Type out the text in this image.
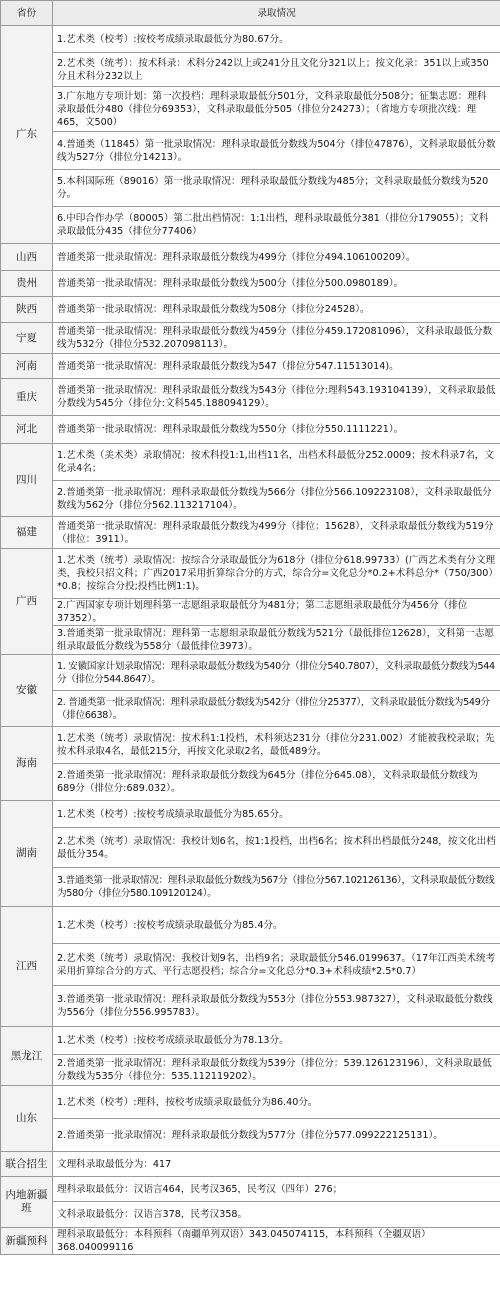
省份	录取情况
广东	1.艺术类（校考）:按校考成绩录取最低分为80.67分。
	2.艺术类（统考）：按术科录：术科分242以上或241分且文化分321以上；按文化录：351以上或350分且术科分232以上
	3.广东地方专项计划：第一次投档：理科录取最低分501分，文科录取最低分508分；征集志愿：理科录取最低分480（排位分69353），文科录取最低分505（排位分24273）；（省地方专项批次线：理465，文500）
	4.普通类（11845）第一批录取情况：理科录取最低分数线为504分（排位47876），文科录取最低分数线为527分（排位分14213）。
	5.本科国际班（89016）第一批录取情况：理科录取最低分数线为485分；文科录取最低分数线为520分。
	6.中印合作办学（80005）第二批出档情况：1:1出档，理科录取最低分381（排位分179055）；文科录取最低分435（排位分77406）
山西	普通类第一批录取情况：理科录取最低分数线为499分（排位分494.106100209）。
贵州	普通类第一批录取情况：理科录取最低分数线为500分（排位分500.0980189）。
陕西	普通类第一批录取情况：理科录取最低分数线为508分（排位分24528）。
宁夏	普通类第一批录取情况：理科录取最低分数线为459分（排位分459.172081096），文科录取最低分数线为532分（排位分532.207098113）。
河南	普通类第一批录取情况：理科录取最低分数线为547（排位分547.11513014)。
重庆	普通类第一批录取情况：理科录取最低分数线为543分（排位分:理科543.193104139），文科录取最低分数线为545分（排位分:文科545.188094129）。
河北	普通类第一批录取情况：理科录取最低分数线为550分（排位分550.1111221）。
四川	1.艺术类（美术类）录取情况：按术科投1:1,出档11名，出档术科最低分252.0009；按术科录7名，文化录4名；
	2.普通类第一批录取情况：理科录取最低分数线为566分（排位分566.109223108），文科录取最低分数线为562分（排位分562.113217104）。
福建	普通类第一批录取情况：理科录取最低分数线为499分（排位：15628），文科录取最低分数线为519分（排位：3911）。
广西	1.艺术类（统考）录取情况：按综合分录取最低分为618分（排位分618.99733）(广西艺术类有分文理类，我校只招文科；广西2017采用折算综合分的方式，综合分=文化总分*0.2+术科总分*（750/300）*0.8；按综合分投;投档比例1:1)。
	2.广西国家专项计划理科第一志愿组录取最低分为481分；第二志愿组录取最低分为456分（排位37352）。
	3.普通类第一批录取情况：理科第一志愿组录取最低分数线为521分（最低排位12628），文科第一志愿组录取最低分数线为558分（最低排位3973）。
安徽	1. 安徽国家计划录取情况：理科录取最低分数线为540分（排位分540.7807），文科录取最低分数线为544分（排位分544.8647）。
	2. 普通类第一批录取情况：理科录取最低分数线为542分（排位分25377），文科录取最低分数线为549分（排位6638）。
海南	1.艺术类（统考）录取情况：按术科1:1投档，术科须达231分（排位分231.002）才能被我校录取；先按术科录取4名，最低215分，再按文化录取2名，最低489分。
	2.普通类第一批录取情况：理科录取最低分数线为645分（排位分645.08），文科录取最低分数线为689分（排位分:689.032）。
湖南	1.艺术类（校考）:按校考成绩录取最低分为85.65分。
	2.艺术类（统考）录取情况：我校计划6名，按1:1投档，出档6名；按术科出档最低分248，按文化出档最低分354。
	3.普通类第一批录取情况：理科录取最低分数线为567分（排位分567.102126136），文科录取最低分数线为580分（排位分580.109120124）。
江西	1.艺术类（校考）:按校考成绩录取最低分为85.4分。
	2.艺术类（统考）录取情况：我校计划9名，出档9名；录取最低分546.0199637。（17年江西美术统考采用折算综合分的方式、平行志愿投档；综合分=文化总分*0.3+术科成绩*2.5*0.7）
	3.普通类第一批录取情况：理科录取最低分数线为553分（排位分553.987327），文科录取最低分数线为556分（排位分556.995783）。
黑龙江	1.艺术类（校考）:按校考成绩录取最低分为78.13分。
	2.普通类第一批录取情况：理科录取最低分数线为539分（排位分：539.126123196），文科录取最低分数线为535分（排位分：535.112119202）。
山东	1.艺术类（校考）:理科，按校考成绩录取最低分为86.40分。
	2.普通类第一批录取情况：理科录取最低分数线为577分（排位分577.099222125131）。
联合招生	文理科录取最低分为：417
内地新疆班	理科录取最低分：汉语言464，民考汉365，民考汉（四年）276；
	文科录取最低分：汉语言378，民考汉358。
新疆预科	理科录取最低分：本科预科（南疆单列双语）343.045074115，本科预科（全疆双语）368.040099116
